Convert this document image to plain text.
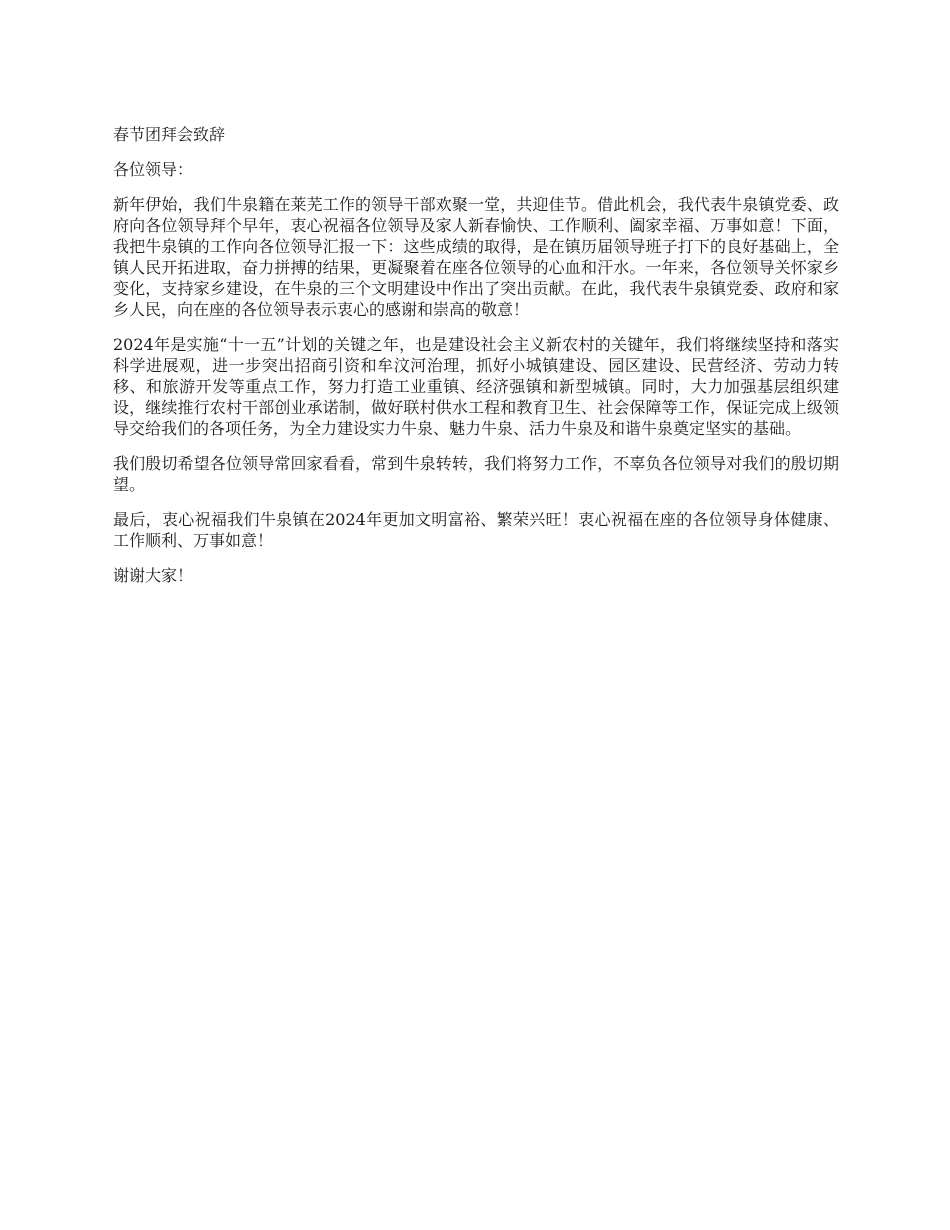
春节团拜会致辞

各位领导：

新年伊始，我们牛泉籍在莱芜工作的领导干部欢聚一堂，共迎佳节。借此机会，我代表牛泉镇党委、政府向各位领导拜个早年，衷心祝福各位领导及家人新春愉快、工作顺利、阖家幸福、万事如意！下面，我把牛泉镇的工作向各位领导汇报一下：这些成绩的取得，是在镇历届领导班子打下的良好基础上，全镇人民开拓进取，奋力拼搏的结果，更凝聚着在座各位领导的心血和汗水。一年来，各位领导关怀家乡变化，支持家乡建设，在牛泉的三个文明建设中作出了突出贡献。在此，我代表牛泉镇党委、政府和家乡人民，向在座的各位领导表示衷心的感谢和崇高的敬意！

2024年是实施“十一五”计划的关键之年，也是建设社会主义新农村的关键年，我们将继续坚持和落实科学进展观，进一步突出招商引资和牟汶河治理，抓好小城镇建设、园区建设、民营经济、劳动力转移、和旅游开发等重点工作，努力打造工业重镇、经济强镇和新型城镇。同时，大力加强基层组织建设，继续推行农村干部创业承诺制，做好联村供水工程和教育卫生、社会保障等工作，保证完成上级领导交给我们的各项任务，为全力建设实力牛泉、魅力牛泉、活力牛泉及和谐牛泉奠定坚实的基础。

我们殷切希望各位领导常回家看看，常到牛泉转转，我们将努力工作，不辜负各位领导对我们的殷切期望。

最后，衷心祝福我们牛泉镇在2024年更加文明富裕、繁荣兴旺！衷心祝福在座的各位领导身体健康、工作顺利、万事如意！

谢谢大家！
